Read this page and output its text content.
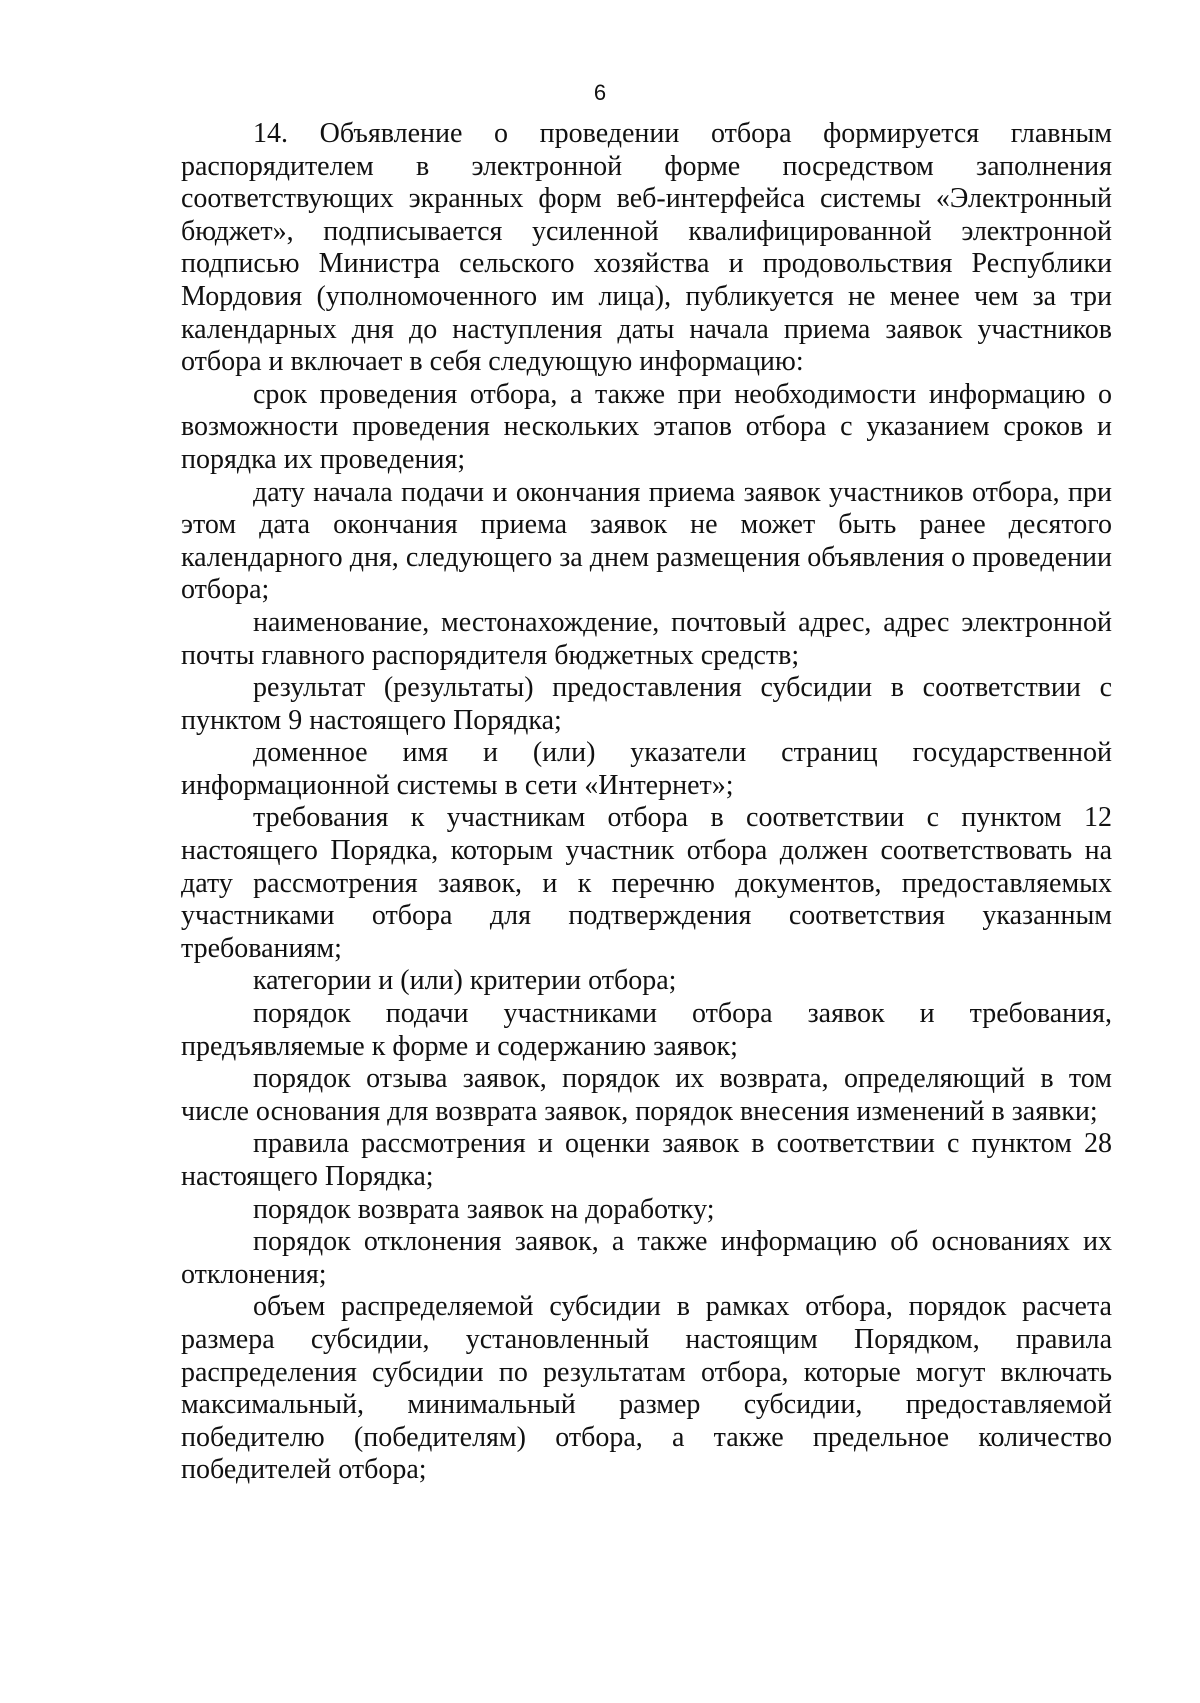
6

14. Объявление о проведении отбора формируется главным распорядителем в электронной форме посредством заполнения соответствующих экранных форм веб-интерфейса системы «Электронный бюджет», подписывается усиленной квалифицированной электронной подписью Министра сельского хозяйства и продовольствия Республики Мордовия (уполномоченного им лица), публикуется не менее чем за три календарных дня до наступления даты начала приема заявок участников отбора и включает в себя следующую информацию:

срок проведения отбора, а также при необходимости информацию о возможности проведения нескольких этапов отбора с указанием сроков и порядка их проведения;

дату начала подачи и окончания приема заявок участников отбора, при этом дата окончания приема заявок не может быть ранее десятого календарного дня, следующего за днем размещения объявления о проведении отбора;

наименование, местонахождение, почтовый адрес, адрес электронной почты главного распорядителя бюджетных средств;

результат (результаты) предоставления субсидии в соответствии с пунктом 9 настоящего Порядка;

доменное имя и (или) указатели страниц государственной информационной системы в сети «Интернет»;

требования к участникам отбора в соответствии с пунктом 12 настоящего Порядка, которым участник отбора должен соответствовать на дату рассмотрения заявок, и к перечню документов, предоставляемых участниками отбора для подтверждения соответствия указанным требованиям;

категории и (или) критерии отбора;

порядок подачи участниками отбора заявок и требования, предъявляемые к форме и содержанию заявок;

порядок отзыва заявок, порядок их возврата, определяющий в том числе основания для возврата заявок, порядок внесения изменений в заявки;

правила рассмотрения и оценки заявок в соответствии с пунктом 28 настоящего Порядка;

порядок возврата заявок на доработку;

порядок отклонения заявок, а также информацию об основаниях их отклонения;

объем распределяемой субсидии в рамках отбора, порядок расчета размера субсидии, установленный настоящим Порядком, правила распределения субсидии по результатам отбора, которые могут включать максимальный, минимальный размер субсидии, предоставляемой победителю (победителям) отбора, а также предельное количество победителей отбора;
